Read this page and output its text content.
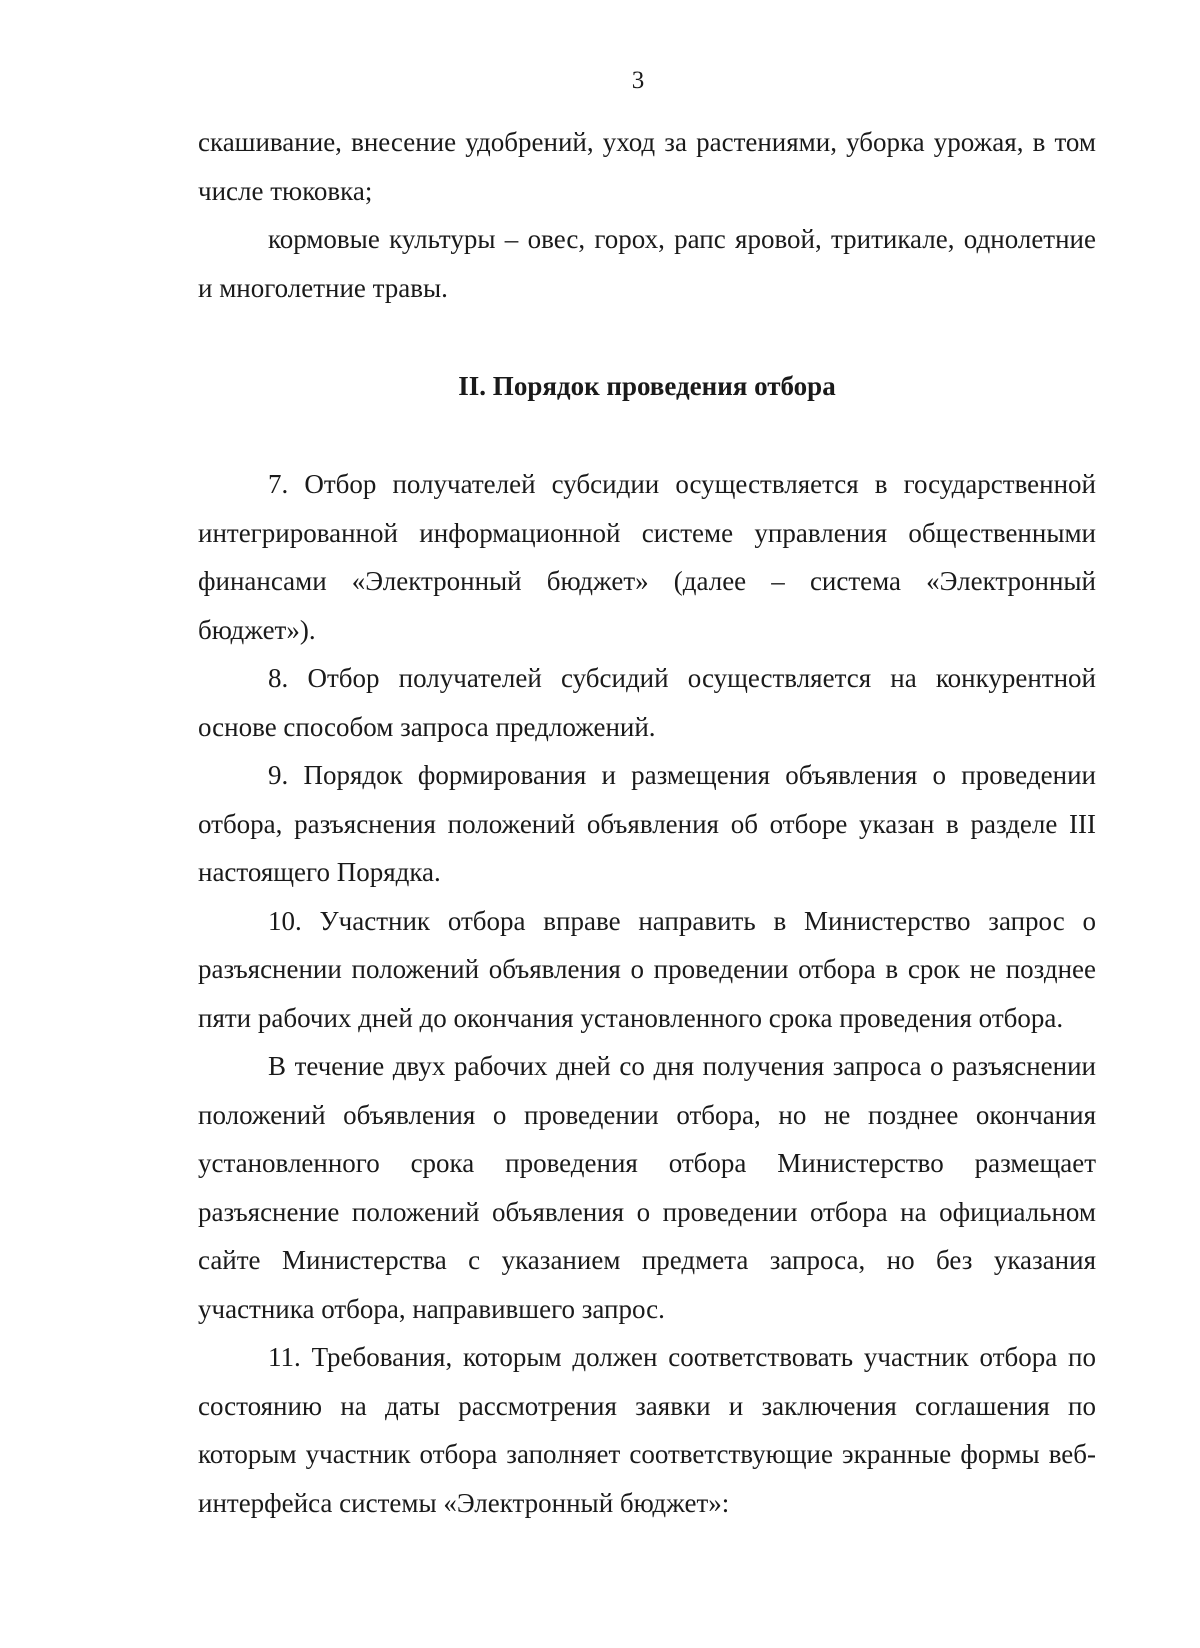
3

скашивание, внесение удобрений, уход за растениями, уборка урожая, в том числе тюковка;

кормовые культуры – овес, горох, рапс яровой, тритикале, однолетние и многолетние травы.

II. Порядок проведения отбора

7. Отбор получателей субсидии осуществляется в государственной интегрированной информационной системе управления общественными финансами «Электронный бюджет» (далее – система «Электронный бюджет»).

8. Отбор получателей субсидий осуществляется на конкурентной основе способом запроса предложений.

9. Порядок формирования и размещения объявления о проведении отбора, разъяснения положений объявления об отборе указан в разделе III настоящего Порядка.

10. Участник отбора вправе направить в Министерство запрос о разъяснении положений объявления о проведении отбора в срок не позднее пяти рабочих дней до окончания установленного срока проведения отбора.

В течение двух рабочих дней со дня получения запроса о разъяснении положений объявления о проведении отбора, но не позднее окончания установленного срока проведения отбора Министерство размещает разъяснение положений объявления о проведении отбора на официальном сайте Министерства с указанием предмета запроса, но без указания участника отбора, направившего запрос.

11. Требования, которым должен соответствовать участник отбора по состоянию на даты рассмотрения заявки и заключения соглашения по которым участник отбора заполняет соответствующие экранные формы веб-интерфейса системы «Электронный бюджет»:
